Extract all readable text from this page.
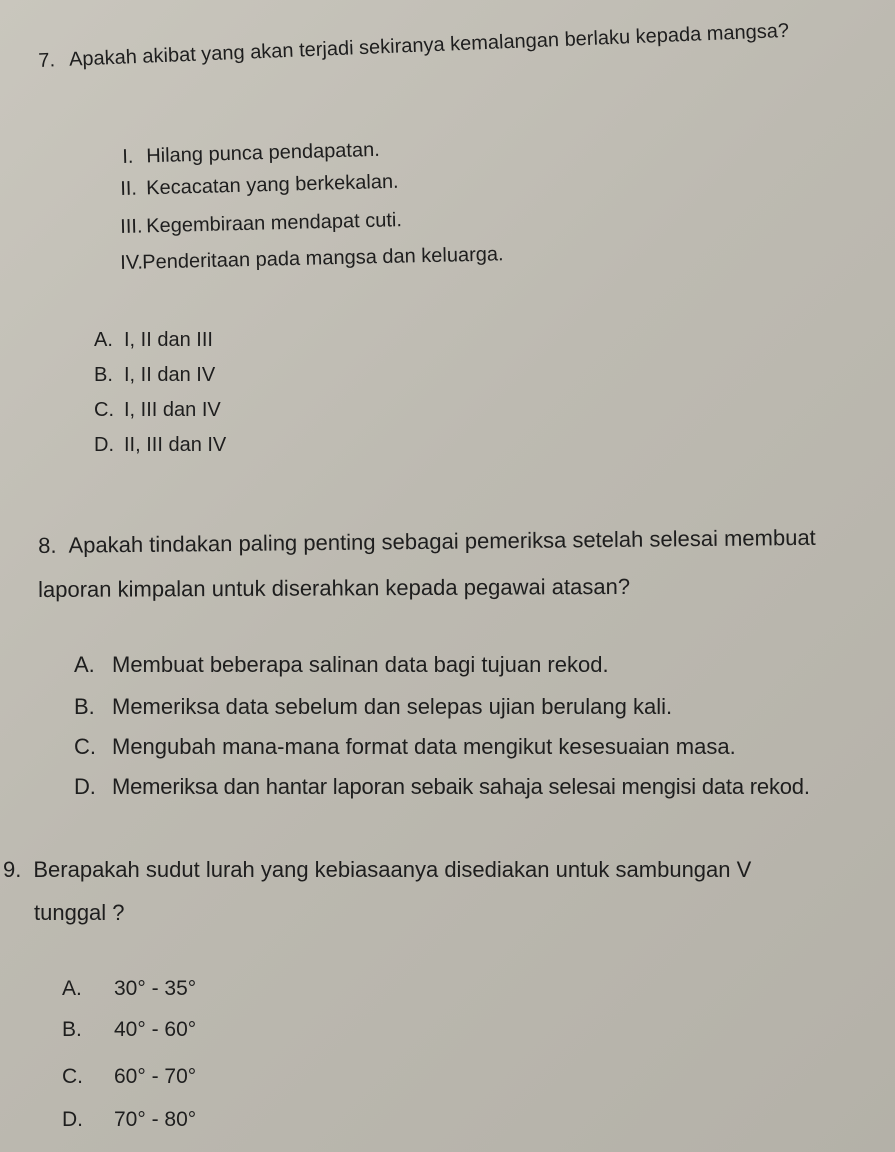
7. Apakah akibat yang akan terjadi sekiranya kemalangan berlaku kepada mangsa?
I. Hilang punca pendapatan.
II. Kecacatan yang berkekalan.
III. Kegembiraan mendapat cuti.
IV.Penderitaan pada mangsa dan keluarga.
A. I, II dan III
B. I, II dan IV
C. I, III dan IV
D. II, III dan IV
8. Apakah tindakan paling penting sebagai pemeriksa setelah selesai membuat
laporan kimpalan untuk diserahkan kepada pegawai atasan?
A. Membuat beberapa salinan data bagi tujuan rekod.
B. Memeriksa data sebelum dan selepas ujian berulang kali.
C. Mengubah mana-mana format data mengikut kesesuaian masa.
D. Memeriksa dan hantar laporan sebaik sahaja selesai mengisi data rekod.
9. Berapakah sudut lurah yang kebiasaanya disediakan untuk sambungan V
tunggal ?
A. 30° - 35°
B. 40° - 60°
C. 60° - 70°
D. 70° - 80°
